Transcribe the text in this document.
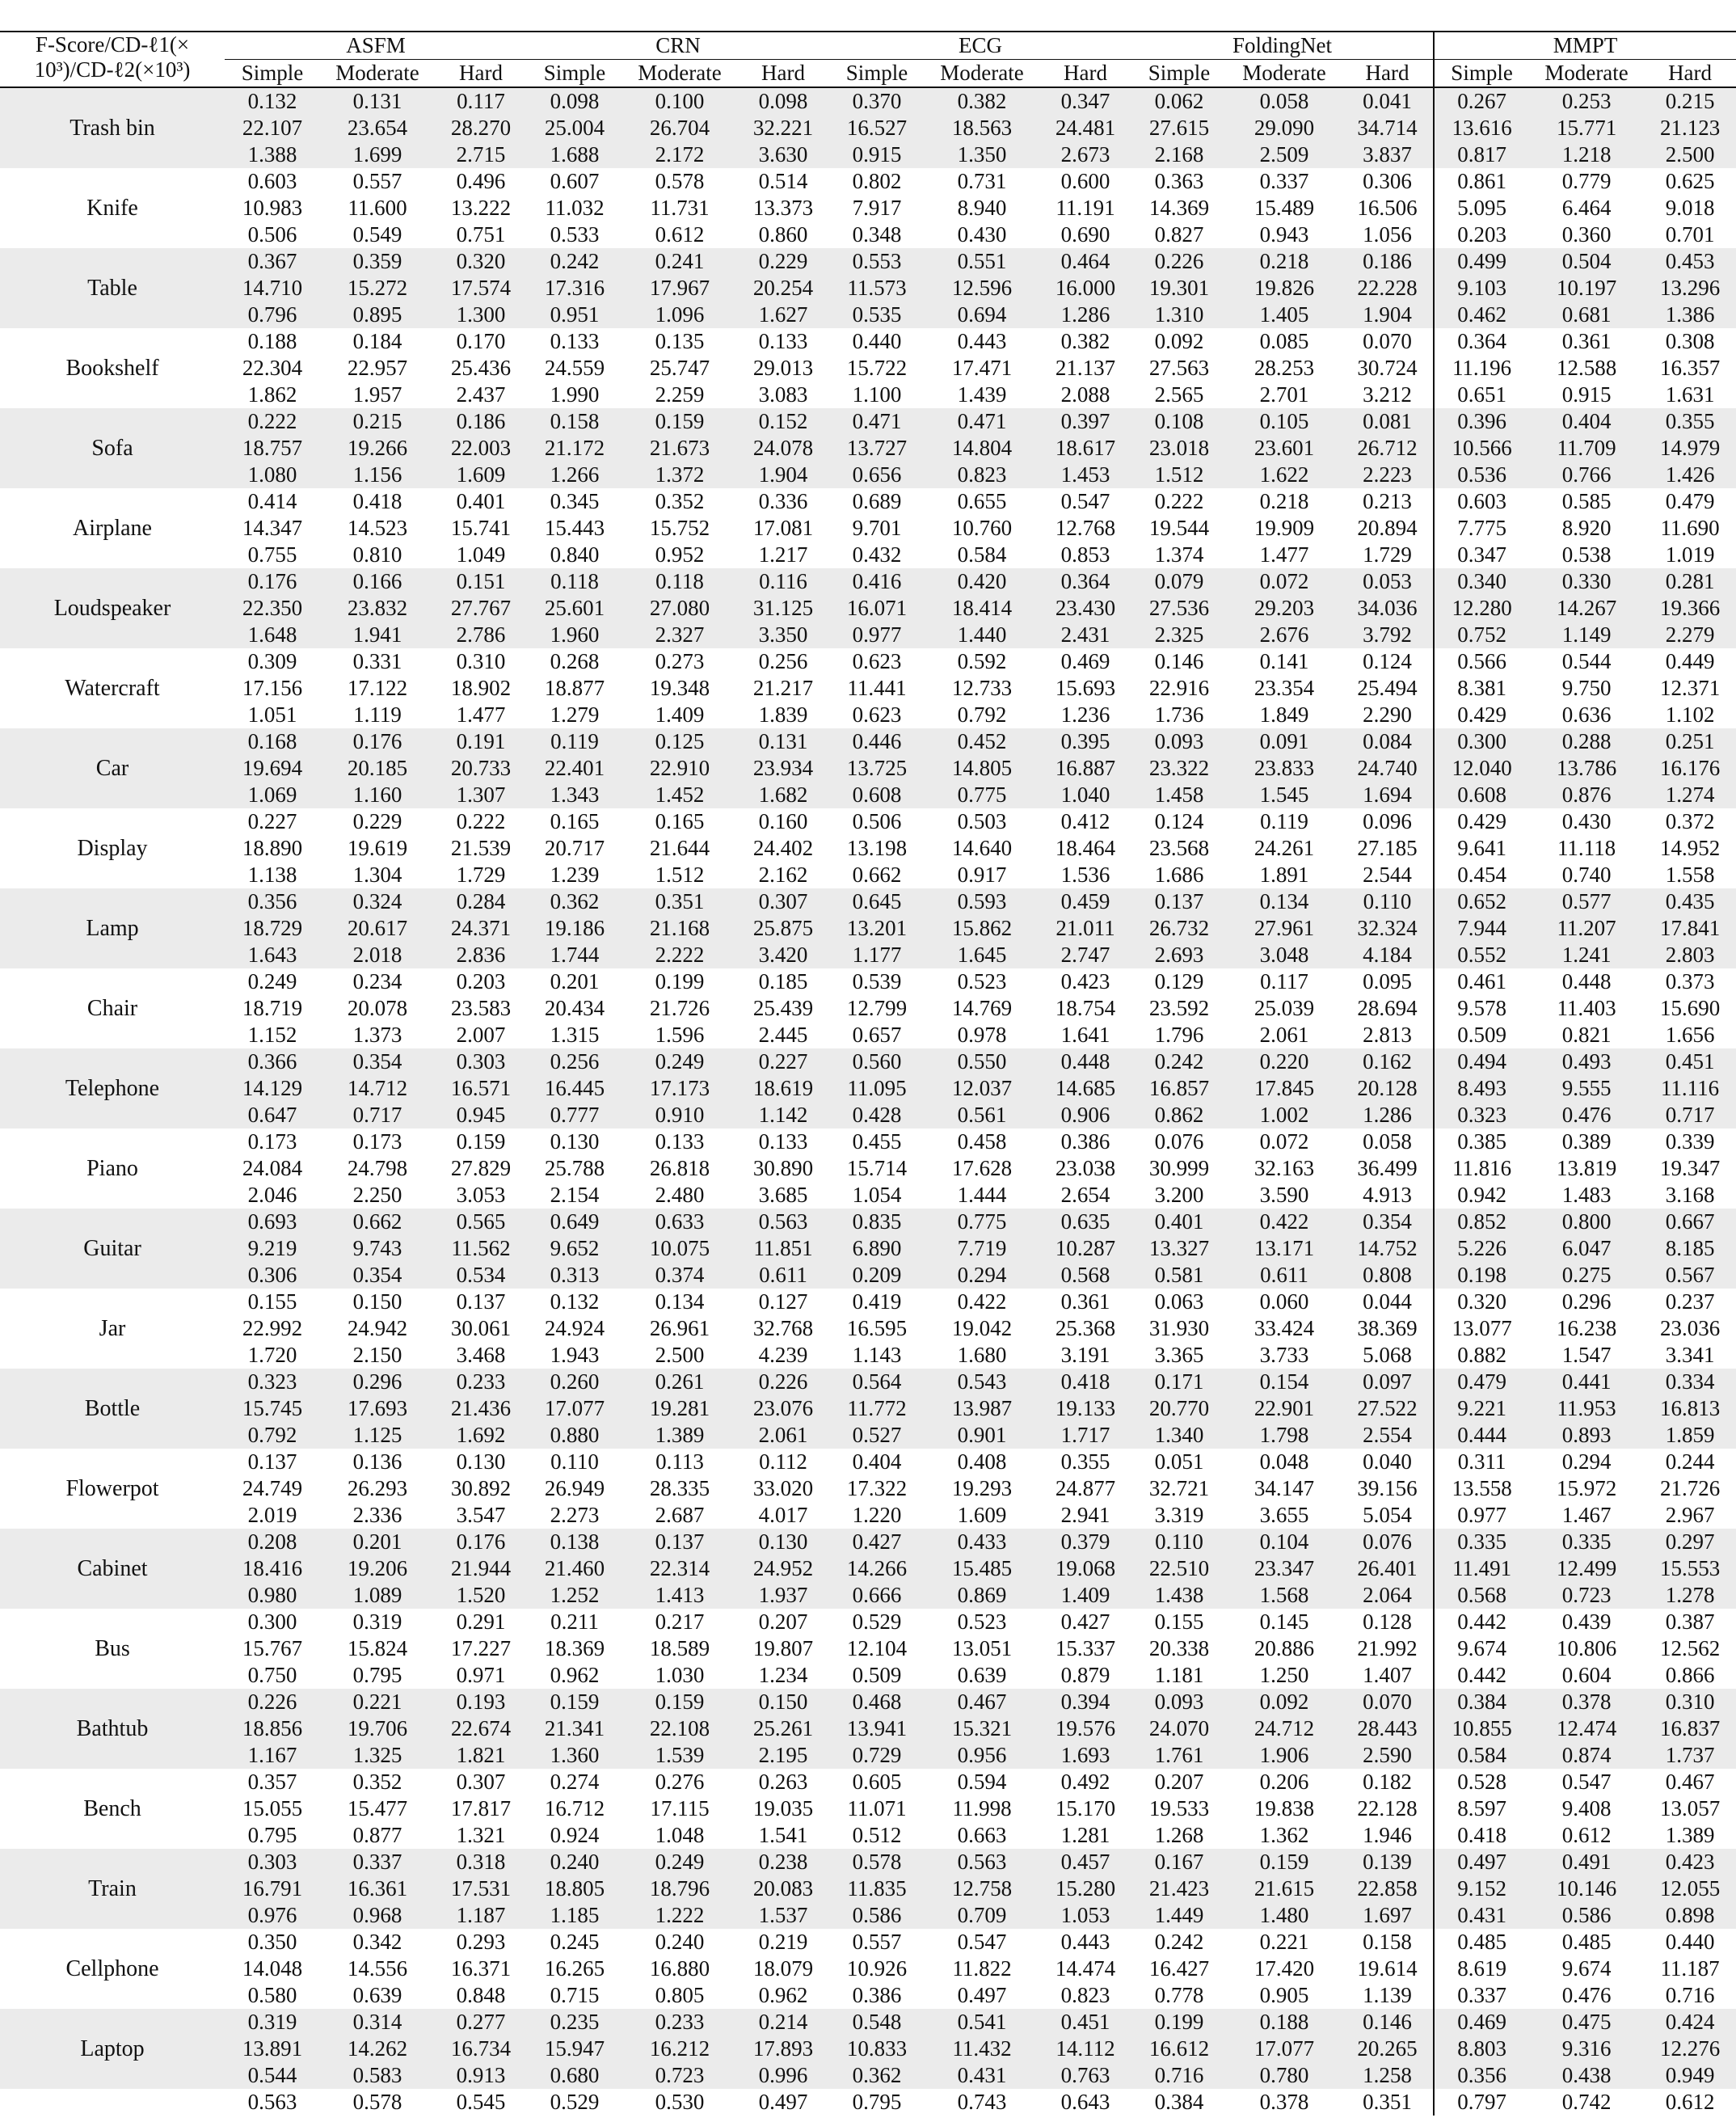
F-Score/CD-ℓ1(×
10³)/CD-ℓ2(×10³)	ASFM			CRN			ECG			FoldingNet			MMPT		
	Simple	Moderate	Hard	Simple	Moderate	Hard	Simple	Moderate	Hard	Simple	Moderate	Hard	Simple	Moderate	Hard
Trash bin	0.132	0.131	0.117	0.098	0.100	0.098	0.370	0.382	0.347	0.062	0.058	0.041	0.267	0.253	0.215
	22.107	23.654	28.270	25.004	26.704	32.221	16.527	18.563	24.481	27.615	29.090	34.714	13.616	15.771	21.123
	1.388	1.699	2.715	1.688	2.172	3.630	0.915	1.350	2.673	2.168	2.509	3.837	0.817	1.218	2.500
Knife	0.603	0.557	0.496	0.607	0.578	0.514	0.802	0.731	0.600	0.363	0.337	0.306	0.861	0.779	0.625
	10.983	11.600	13.222	11.032	11.731	13.373	7.917	8.940	11.191	14.369	15.489	16.506	5.095	6.464	9.018
	0.506	0.549	0.751	0.533	0.612	0.860	0.348	0.430	0.690	0.827	0.943	1.056	0.203	0.360	0.701
Table	0.367	0.359	0.320	0.242	0.241	0.229	0.553	0.551	0.464	0.226	0.218	0.186	0.499	0.504	0.453
	14.710	15.272	17.574	17.316	17.967	20.254	11.573	12.596	16.000	19.301	19.826	22.228	9.103	10.197	13.296
	0.796	0.895	1.300	0.951	1.096	1.627	0.535	0.694	1.286	1.310	1.405	1.904	0.462	0.681	1.386
Bookshelf	0.188	0.184	0.170	0.133	0.135	0.133	0.440	0.443	0.382	0.092	0.085	0.070	0.364	0.361	0.308
	22.304	22.957	25.436	24.559	25.747	29.013	15.722	17.471	21.137	27.563	28.253	30.724	11.196	12.588	16.357
	1.862	1.957	2.437	1.990	2.259	3.083	1.100	1.439	2.088	2.565	2.701	3.212	0.651	0.915	1.631
Sofa	0.222	0.215	0.186	0.158	0.159	0.152	0.471	0.471	0.397	0.108	0.105	0.081	0.396	0.404	0.355
	18.757	19.266	22.003	21.172	21.673	24.078	13.727	14.804	18.617	23.018	23.601	26.712	10.566	11.709	14.979
	1.080	1.156	1.609	1.266	1.372	1.904	0.656	0.823	1.453	1.512	1.622	2.223	0.536	0.766	1.426
Airplane	0.414	0.418	0.401	0.345	0.352	0.336	0.689	0.655	0.547	0.222	0.218	0.213	0.603	0.585	0.479
	14.347	14.523	15.741	15.443	15.752	17.081	9.701	10.760	12.768	19.544	19.909	20.894	7.775	8.920	11.690
	0.755	0.810	1.049	0.840	0.952	1.217	0.432	0.584	0.853	1.374	1.477	1.729	0.347	0.538	1.019
Loudspeaker	0.176	0.166	0.151	0.118	0.118	0.116	0.416	0.420	0.364	0.079	0.072	0.053	0.340	0.330	0.281
	22.350	23.832	27.767	25.601	27.080	31.125	16.071	18.414	23.430	27.536	29.203	34.036	12.280	14.267	19.366
	1.648	1.941	2.786	1.960	2.327	3.350	0.977	1.440	2.431	2.325	2.676	3.792	0.752	1.149	2.279
Watercraft	0.309	0.331	0.310	0.268	0.273	0.256	0.623	0.592	0.469	0.146	0.141	0.124	0.566	0.544	0.449
	17.156	17.122	18.902	18.877	19.348	21.217	11.441	12.733	15.693	22.916	23.354	25.494	8.381	9.750	12.371
	1.051	1.119	1.477	1.279	1.409	1.839	0.623	0.792	1.236	1.736	1.849	2.290	0.429	0.636	1.102
Car	0.168	0.176	0.191	0.119	0.125	0.131	0.446	0.452	0.395	0.093	0.091	0.084	0.300	0.288	0.251
	19.694	20.185	20.733	22.401	22.910	23.934	13.725	14.805	16.887	23.322	23.833	24.740	12.040	13.786	16.176
	1.069	1.160	1.307	1.343	1.452	1.682	0.608	0.775	1.040	1.458	1.545	1.694	0.608	0.876	1.274
Display	0.227	0.229	0.222	0.165	0.165	0.160	0.506	0.503	0.412	0.124	0.119	0.096	0.429	0.430	0.372
	18.890	19.619	21.539	20.717	21.644	24.402	13.198	14.640	18.464	23.568	24.261	27.185	9.641	11.118	14.952
	1.138	1.304	1.729	1.239	1.512	2.162	0.662	0.917	1.536	1.686	1.891	2.544	0.454	0.740	1.558
Lamp	0.356	0.324	0.284	0.362	0.351	0.307	0.645	0.593	0.459	0.137	0.134	0.110	0.652	0.577	0.435
	18.729	20.617	24.371	19.186	21.168	25.875	13.201	15.862	21.011	26.732	27.961	32.324	7.944	11.207	17.841
	1.643	2.018	2.836	1.744	2.222	3.420	1.177	1.645	2.747	2.693	3.048	4.184	0.552	1.241	2.803
Chair	0.249	0.234	0.203	0.201	0.199	0.185	0.539	0.523	0.423	0.129	0.117	0.095	0.461	0.448	0.373
	18.719	20.078	23.583	20.434	21.726	25.439	12.799	14.769	18.754	23.592	25.039	28.694	9.578	11.403	15.690
	1.152	1.373	2.007	1.315	1.596	2.445	0.657	0.978	1.641	1.796	2.061	2.813	0.509	0.821	1.656
Telephone	0.366	0.354	0.303	0.256	0.249	0.227	0.560	0.550	0.448	0.242	0.220	0.162	0.494	0.493	0.451
	14.129	14.712	16.571	16.445	17.173	18.619	11.095	12.037	14.685	16.857	17.845	20.128	8.493	9.555	11.116
	0.647	0.717	0.945	0.777	0.910	1.142	0.428	0.561	0.906	0.862	1.002	1.286	0.323	0.476	0.717
Piano	0.173	0.173	0.159	0.130	0.133	0.133	0.455	0.458	0.386	0.076	0.072	0.058	0.385	0.389	0.339
	24.084	24.798	27.829	25.788	26.818	30.890	15.714	17.628	23.038	30.999	32.163	36.499	11.816	13.819	19.347
	2.046	2.250	3.053	2.154	2.480	3.685	1.054	1.444	2.654	3.200	3.590	4.913	0.942	1.483	3.168
Guitar	0.693	0.662	0.565	0.649	0.633	0.563	0.835	0.775	0.635	0.401	0.422	0.354	0.852	0.800	0.667
	9.219	9.743	11.562	9.652	10.075	11.851	6.890	7.719	10.287	13.327	13.171	14.752	5.226	6.047	8.185
	0.306	0.354	0.534	0.313	0.374	0.611	0.209	0.294	0.568	0.581	0.611	0.808	0.198	0.275	0.567
Jar	0.155	0.150	0.137	0.132	0.134	0.127	0.419	0.422	0.361	0.063	0.060	0.044	0.320	0.296	0.237
	22.992	24.942	30.061	24.924	26.961	32.768	16.595	19.042	25.368	31.930	33.424	38.369	13.077	16.238	23.036
	1.720	2.150	3.468	1.943	2.500	4.239	1.143	1.680	3.191	3.365	3.733	5.068	0.882	1.547	3.341
Bottle	0.323	0.296	0.233	0.260	0.261	0.226	0.564	0.543	0.418	0.171	0.154	0.097	0.479	0.441	0.334
	15.745	17.693	21.436	17.077	19.281	23.076	11.772	13.987	19.133	20.770	22.901	27.522	9.221	11.953	16.813
	0.792	1.125	1.692	0.880	1.389	2.061	0.527	0.901	1.717	1.340	1.798	2.554	0.444	0.893	1.859
Flowerpot	0.137	0.136	0.130	0.110	0.113	0.112	0.404	0.408	0.355	0.051	0.048	0.040	0.311	0.294	0.244
	24.749	26.293	30.892	26.949	28.335	33.020	17.322	19.293	24.877	32.721	34.147	39.156	13.558	15.972	21.726
	2.019	2.336	3.547	2.273	2.687	4.017	1.220	1.609	2.941	3.319	3.655	5.054	0.977	1.467	2.967
Cabinet	0.208	0.201	0.176	0.138	0.137	0.130	0.427	0.433	0.379	0.110	0.104	0.076	0.335	0.335	0.297
	18.416	19.206	21.944	21.460	22.314	24.952	14.266	15.485	19.068	22.510	23.347	26.401	11.491	12.499	15.553
	0.980	1.089	1.520	1.252	1.413	1.937	0.666	0.869	1.409	1.438	1.568	2.064	0.568	0.723	1.278
Bus	0.300	0.319	0.291	0.211	0.217	0.207	0.529	0.523	0.427	0.155	0.145	0.128	0.442	0.439	0.387
	15.767	15.824	17.227	18.369	18.589	19.807	12.104	13.051	15.337	20.338	20.886	21.992	9.674	10.806	12.562
	0.750	0.795	0.971	0.962	1.030	1.234	0.509	0.639	0.879	1.181	1.250	1.407	0.442	0.604	0.866
Bathtub	0.226	0.221	0.193	0.159	0.159	0.150	0.468	0.467	0.394	0.093	0.092	0.070	0.384	0.378	0.310
	18.856	19.706	22.674	21.341	22.108	25.261	13.941	15.321	19.576	24.070	24.712	28.443	10.855	12.474	16.837
	1.167	1.325	1.821	1.360	1.539	2.195	0.729	0.956	1.693	1.761	1.906	2.590	0.584	0.874	1.737
Bench	0.357	0.352	0.307	0.274	0.276	0.263	0.605	0.594	0.492	0.207	0.206	0.182	0.528	0.547	0.467
	15.055	15.477	17.817	16.712	17.115	19.035	11.071	11.998	15.170	19.533	19.838	22.128	8.597	9.408	13.057
	0.795	0.877	1.321	0.924	1.048	1.541	0.512	0.663	1.281	1.268	1.362	1.946	0.418	0.612	1.389
Train	0.303	0.337	0.318	0.240	0.249	0.238	0.578	0.563	0.457	0.167	0.159	0.139	0.497	0.491	0.423
	16.791	16.361	17.531	18.805	18.796	20.083	11.835	12.758	15.280	21.423	21.615	22.858	9.152	10.146	12.055
	0.976	0.968	1.187	1.185	1.222	1.537	0.586	0.709	1.053	1.449	1.480	1.697	0.431	0.586	0.898
Cellphone	0.350	0.342	0.293	0.245	0.240	0.219	0.557	0.547	0.443	0.242	0.221	0.158	0.485	0.485	0.440
	14.048	14.556	16.371	16.265	16.880	18.079	10.926	11.822	14.474	16.427	17.420	19.614	8.619	9.674	11.187
	0.580	0.639	0.848	0.715	0.805	0.962	0.386	0.497	0.823	0.778	0.905	1.139	0.337	0.476	0.716
Laptop	0.319	0.314	0.277	0.235	0.233	0.214	0.548	0.541	0.451	0.199	0.188	0.146	0.469	0.475	0.424
	13.891	14.262	16.734	15.947	16.212	17.893	10.833	11.432	14.112	16.612	17.077	20.265	8.803	9.316	12.276
	0.544	0.583	0.913	0.680	0.723	0.996	0.362	0.431	0.763	0.716	0.780	1.258	0.356	0.438	0.949
	0.563	0.578	0.545	0.529	0.530	0.497	0.795	0.743	0.643	0.384	0.378	0.351	0.797	0.742	0.612
